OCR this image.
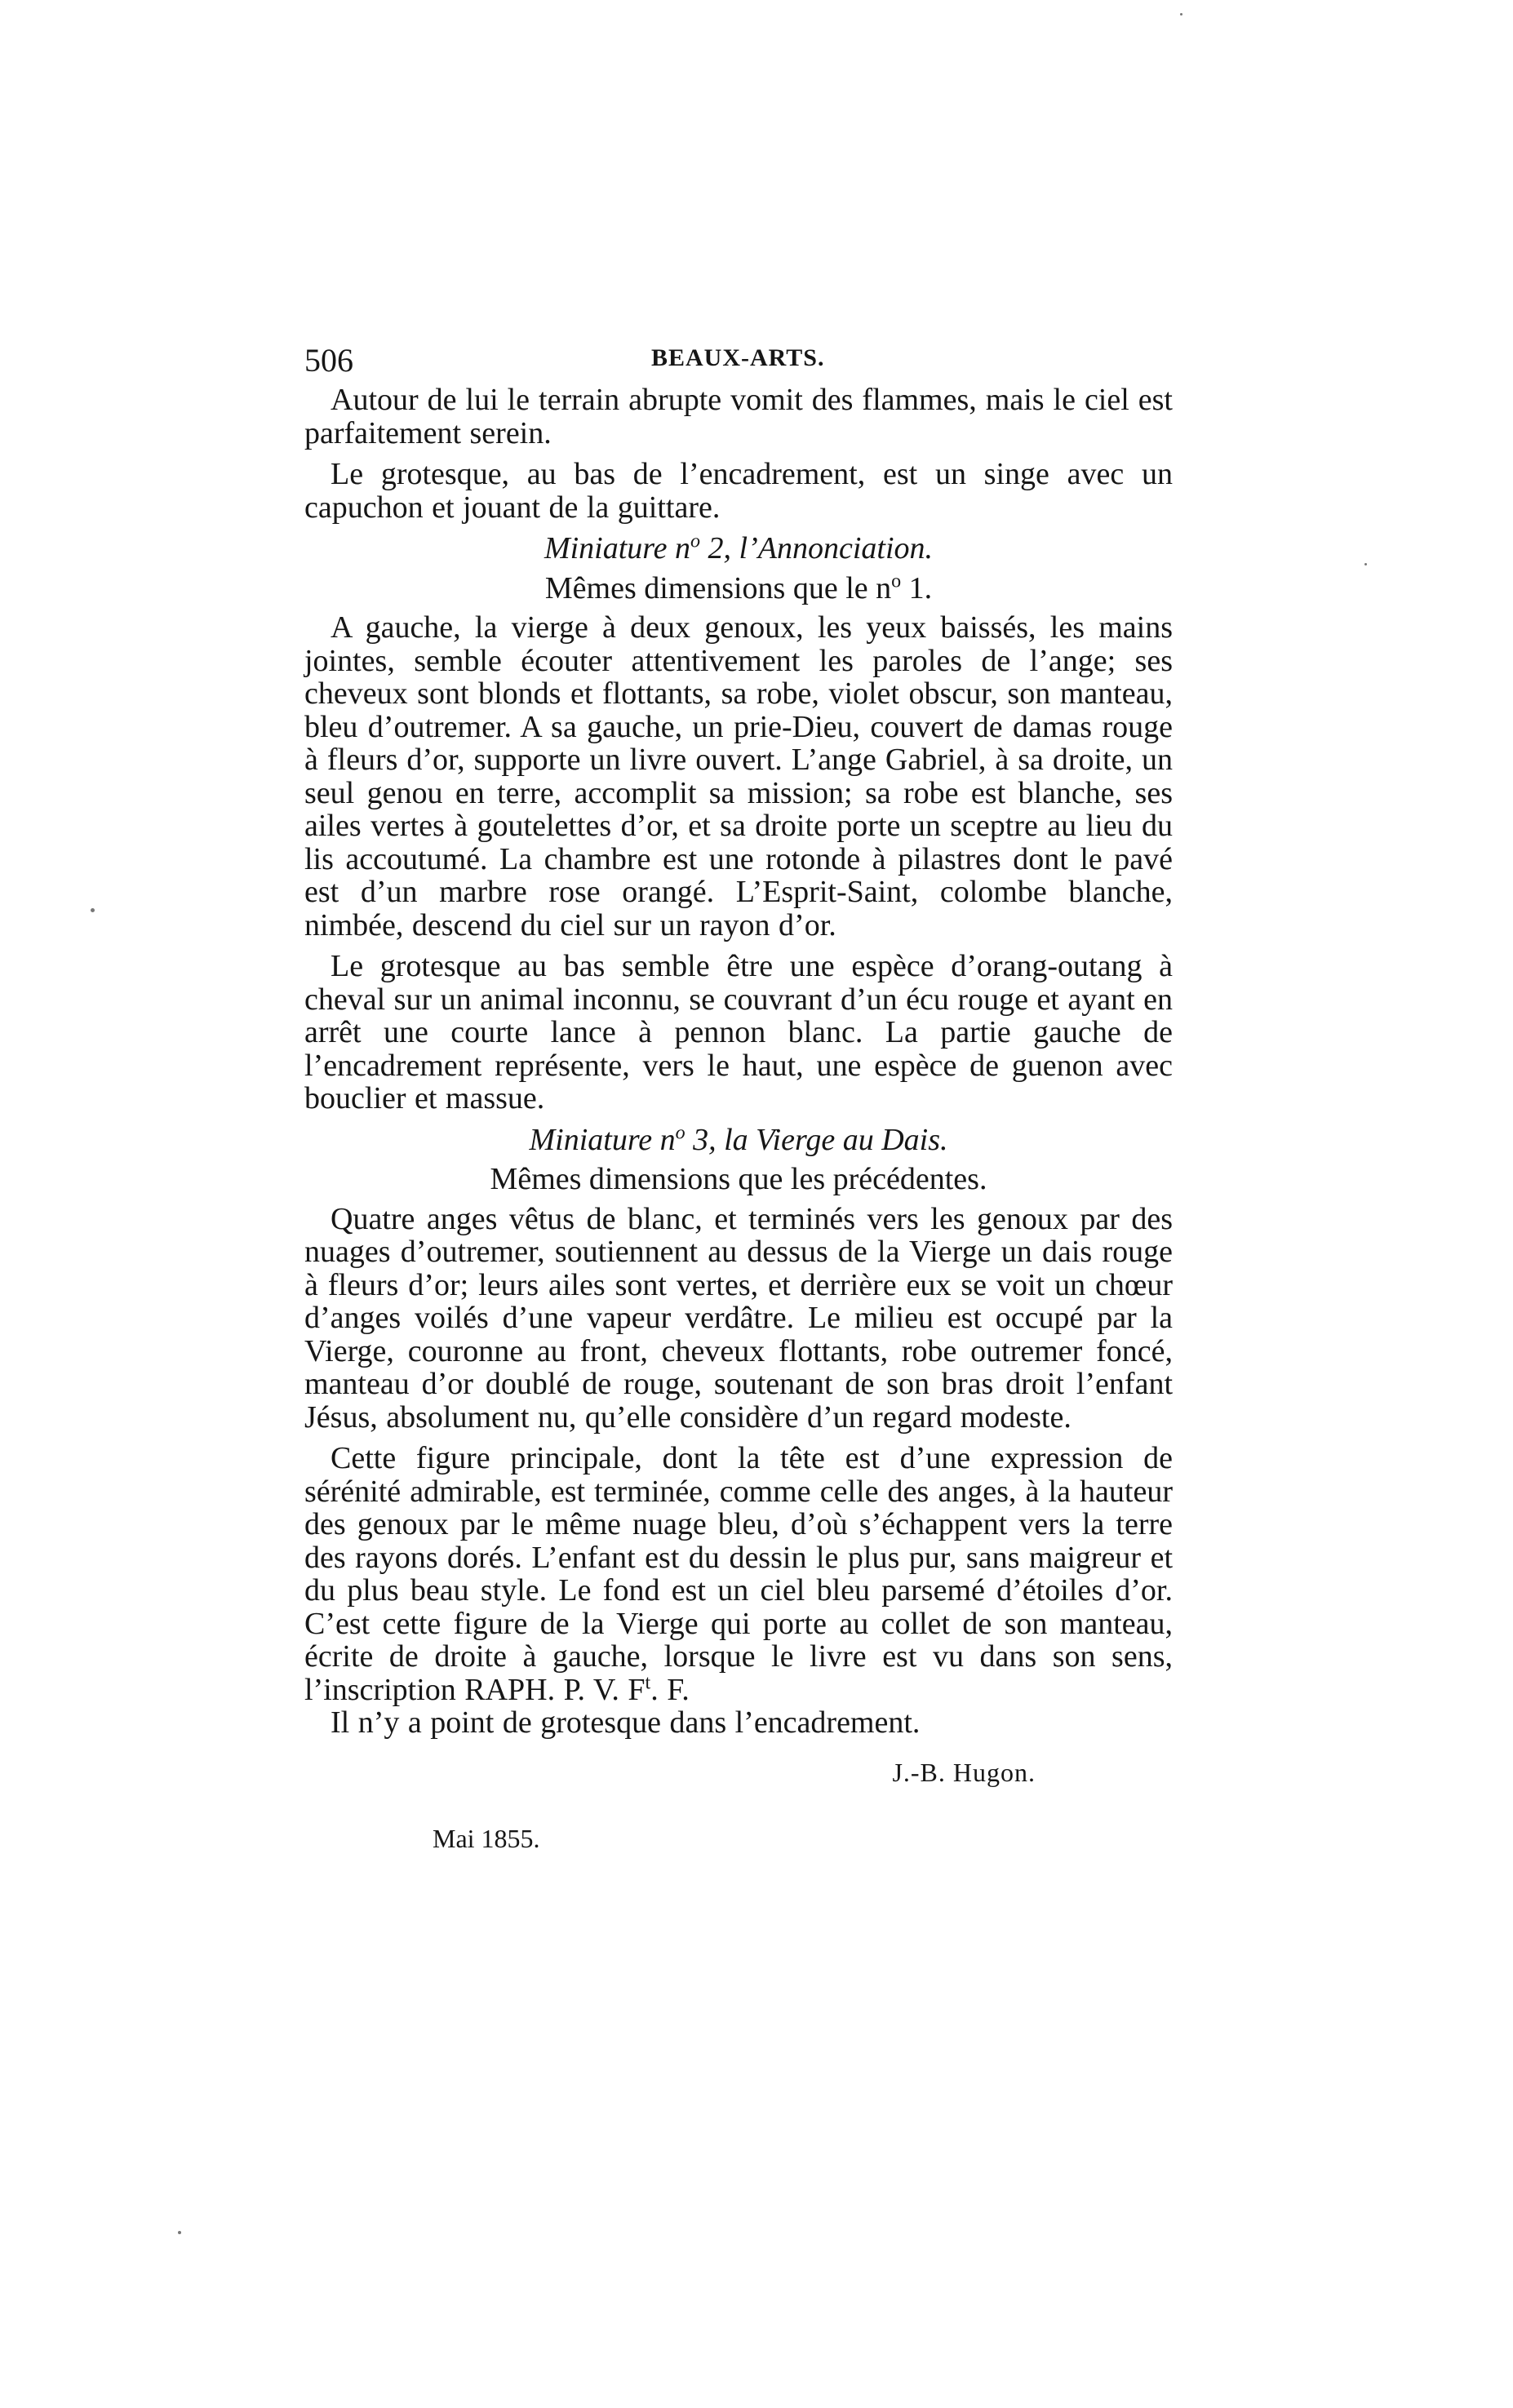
506	BEAUX-ARTS.

Autour de lui le terrain abrupte vomit des flammes, mais le ciel est parfaitement serein.

Le grotesque, au bas de l’encadrement, est un singe avec un capuchon et jouant de la guittare.

Miniature $n^o$ 2, l’Annonciation.

Mêmes dimensions que le $n^o$ 1.

A gauche, la vierge à deux genoux, les yeux baissés, les mains jointes, semble écouter attentivement les paroles de l’ange; ses cheveux sont blonds et flottants, sa robe, violet obscur, son manteau, bleu d’outremer. A sa gauche, un prie-Dieu, couvert de damas rouge à fleurs d’or, supporte un livre ouvert. L’ange Gabriel, à sa droite, un seul genou en terre, accomplit sa mission; sa robe est blanche, ses ailes vertes à goutelettes d’or, et sa droite porte un sceptre au lieu du lis accoutumé. La chambre est une rotonde à pilastres dont le pavé est d’un marbre rose orangé. L’Esprit-Saint, colombe blanche, nimbée, descend du ciel sur un rayon d’or.

Le grotesque au bas semble être une espèce d’orang-outang à cheval sur un animal inconnu, se couvrant d’un écu rouge et ayant en arrêt une courte lance à pennon blanc. La partie gauche de l’encadrement représente, vers le haut, une espèce de guenon avec bouclier et massue.

Miniature $n^o$ 3, la Vierge au Dais.

Mêmes dimensions que les précédentes.

Quatre anges vêtus de blanc, et terminés vers les genoux par des nuages d’outremer, soutiennent au dessus de la Vierge un dais rouge à fleurs d’or; leurs ailes sont vertes, et derrière eux se voit un chœur d’anges voilés d’une vapeur verdâtre. Le milieu est occupé par la Vierge, couronne au front, cheveux flottants, robe outremer foncé, manteau d’or doublé de rouge, soutenant de son bras droit l’enfant Jésus, absolument nu, qu’elle considère d’un regard modeste.

Cette figure principale, dont la tête est d’une expression de sérénité admirable, est terminée, comme celle des anges, à la hauteur des genoux par le même nuage bleu, d’où s’échappent vers la terre des rayons dorés. L’enfant est du dessin le plus pur, sans maigreur et du plus beau style. Le fond est un ciel bleu parsemé d’étoiles d’or. C’est cette figure de la Vierge qui porte au collet de son manteau, écrite de droite à gauche, lorsque le livre est vu dans son sens, l’inscription RAPH. P. V. $F^t$. F.

Il n’y a point de grotesque dans l’encadrement.

J.-B. Hugon.

Mai 1855.
